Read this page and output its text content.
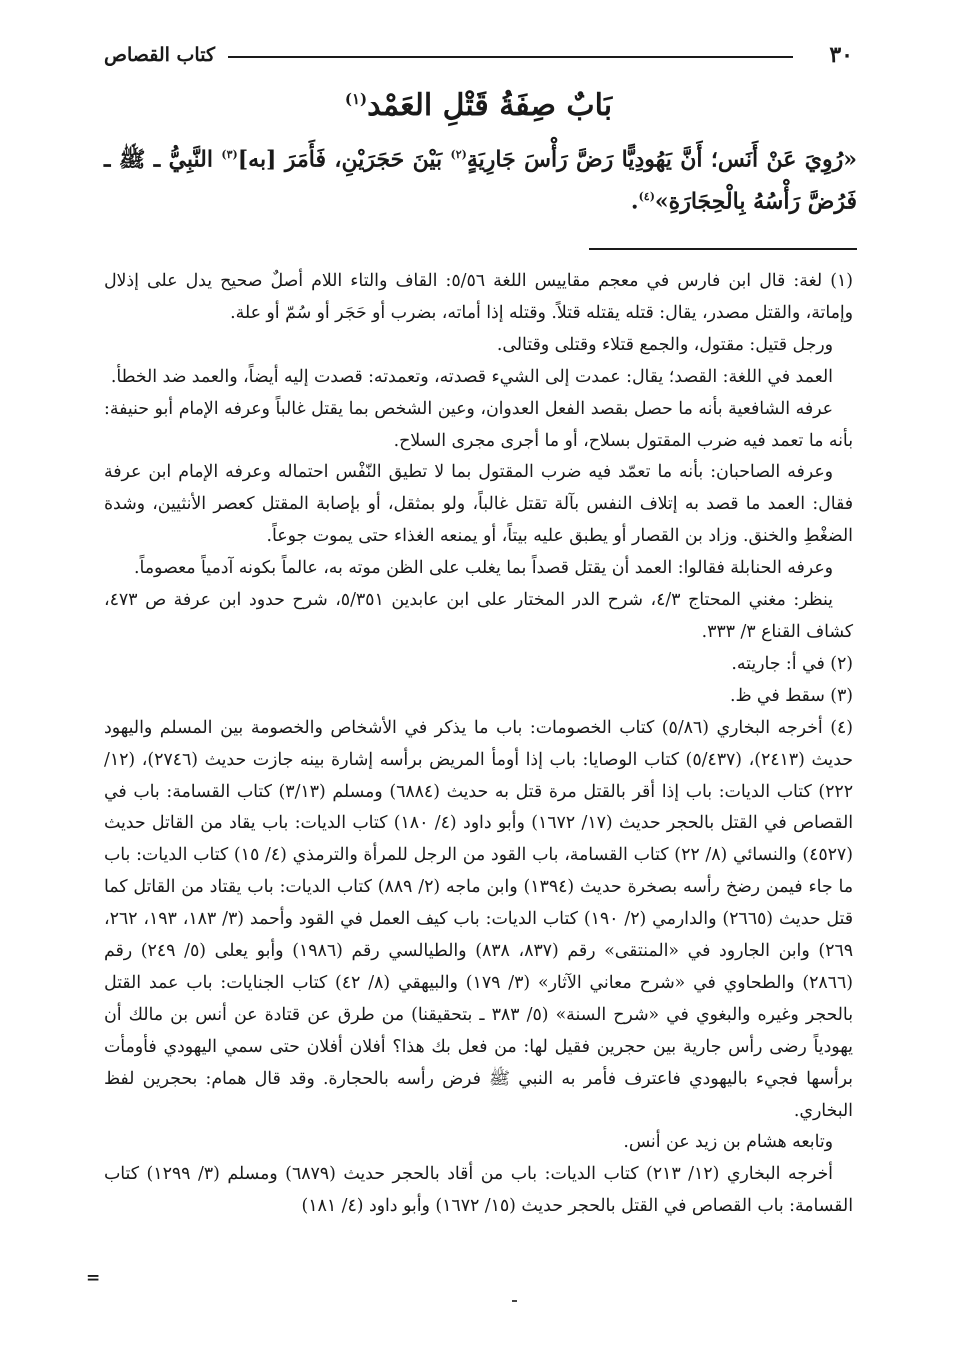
٣٠
كتاب القصاص
بَابٌ صِفَةُ قَتْلِ العَمْد$^{(١)}$
«رُوِيَ عَنْ أَنَس؛ أَنَّ يَهُودِيًّا رَضَّ رَأْسَ جَارِيَةٍ$^{(٢)}$ بَيْنَ حَجَرَيْنِ، فَأَمَرَ [به]$^{(٣)}$ النَّبِيُّ ـ ﷺ ـ فَرُضَّ رَأْسُهُ بِالْحِجَارَةِ»$^{(٤)}$.

(١) لغة: قال ابن فارس في معجم مقاييس اللغة ٥/٥٦: القاف والتاء اللام أصلٌ صحيح يدل على إذلال وإماتة، والقتل مصدر، يقال: قتله يقتله قتلاً. وقتله إذا أماته، بضرب أو حَجَر أو سُمّ أو علة.

ورجل قتيل: مقتول، والجمع قتلاء وقتلى وقتالى.

العمد في اللغة: القصد؛ يقال: عمدت إلى الشيء قصدته، وتعمدته: قصدت إليه أيضاً، والعمد ضد الخطأ.

عرفه الشافعية بأنه ما حصل بقصد الفعل العدوان، وعين الشخص بما يقتل غالباً وعرفه الإمام أبو حنيفة: بأنه ما تعمد فيه ضرب المقتول بسلاح، أو ما أجرى مجرى السلاح.

وعرفه الصاحبان: بأنه ما تعمّد فيه ضرب المقتول بما لا تطيق النّفْس احتماله وعرفه الإمام ابن عرفة فقال: العمد ما قصد به إتلاف النفس بآلة تقتل غالباً، ولو بمثقل، أو بإصابة المقتل كعصر الأنثيين، وشدة الضغْطِ والخنق. وزاد بن القصار أو يطبق عليه بيتاً، أو يمنعه الغذاء حتى يموت جوعاً.

وعرفه الحنابلة فقالوا: العمد أن يقتل قصداً بما يغلب على الظن موته به، عالماً بكونه آدمياً معصوماً.

ينظر: مغني المحتاج ٤/٣، شرح الدر المختار على ابن عابدين ٥/٣٥١، شرح حدود ابن عرفة ص ٤٧٣، كشاف القناع ٣/ ٣٣٣.

(٢) في أ: جاريته.

(٣) سقط في ظ.

(٤) أخرجه البخاري (٥/٨٦) كتاب الخصومات: باب ما يذكر في الأشخاص والخصومة بين المسلم واليهود حديث (٢٤١٣)، (٥/٤٣٧) كتاب الوصايا: باب إذا أومأ المريض برأسه إشارة بينه جازت حديث (٢٧٤٦)، (١٢/ ٢٢٢) كتاب الديات: باب إذا أقر بالقتل مرة قتل به حديث (٦٨٨٤) ومسلم (٣/١٣) كتاب القسامة: باب في القصاص في القتل بالحجر حديث (١٧/ ١٦٧٢) وأبو داود (٤/ ١٨٠) كتاب الديات: باب يقاد من القاتل حديث (٤٥٢٧) والنسائي (٨/ ٢٢) كتاب القسامة، باب القود من الرجل للمرأة والترمذي (٤/ ١٥) كتاب الديات: باب ما جاء فيمن رضخ رأسه بصخرة حديث (١٣٩٤) وابن ماجه (٢/ ٨٨٩) كتاب الديات: باب يقتاد من القاتل كما قتل حديث (٢٦٦٥) والدارمي (٢/ ١٩٠) كتاب الديات: باب كيف العمل في القود وأحمد (٣/ ١٨٣، ١٩٣، ٢٦٢، ٢٦٩) وابن الجارود في «المنتقى» رقم (٨٣٧، ٨٣٨) والطيالسي رقم (١٩٨٦) وأبو يعلى (٥/ ٢٤٩) رقم (٢٨٦٦) والطحاوي في «شرح معاني الآثار» (٣/ ١٧٩) والبيهقي (٨/ ٤٢) كتاب الجنايات: باب عمد القتل بالحجر وغيره والبغوي في «شرح السنة» (٥/ ٣٨٣ ـ بتحقيقنا) من طرق عن قتادة عن أنس بن مالك أن يهودياً رضى رأس جارية بين حجرين فقيل لها: من فعل بك هذا؟ أفلان أفلان حتى سمي اليهودي فأومأت برأسها فجيء باليهودي فاعترف فأمر به النبي ﷺ فرض رأسه بالحجارة. وقد قال همام: بحجرين لفظ البخاري.

وتابعه هشام بن زيد عن أنس.

أخرجه البخاري (١٢/ ٢١٣) كتاب الديات: باب من أقاد بالحجر حديث (٦٨٧٩) ومسلم (٣/ ١٢٩٩) كتاب القسامة: باب القصاص في القتل بالحجر حديث (١٥/ ١٦٧٢) وأبو داود (٤/ ١٨١)

=
